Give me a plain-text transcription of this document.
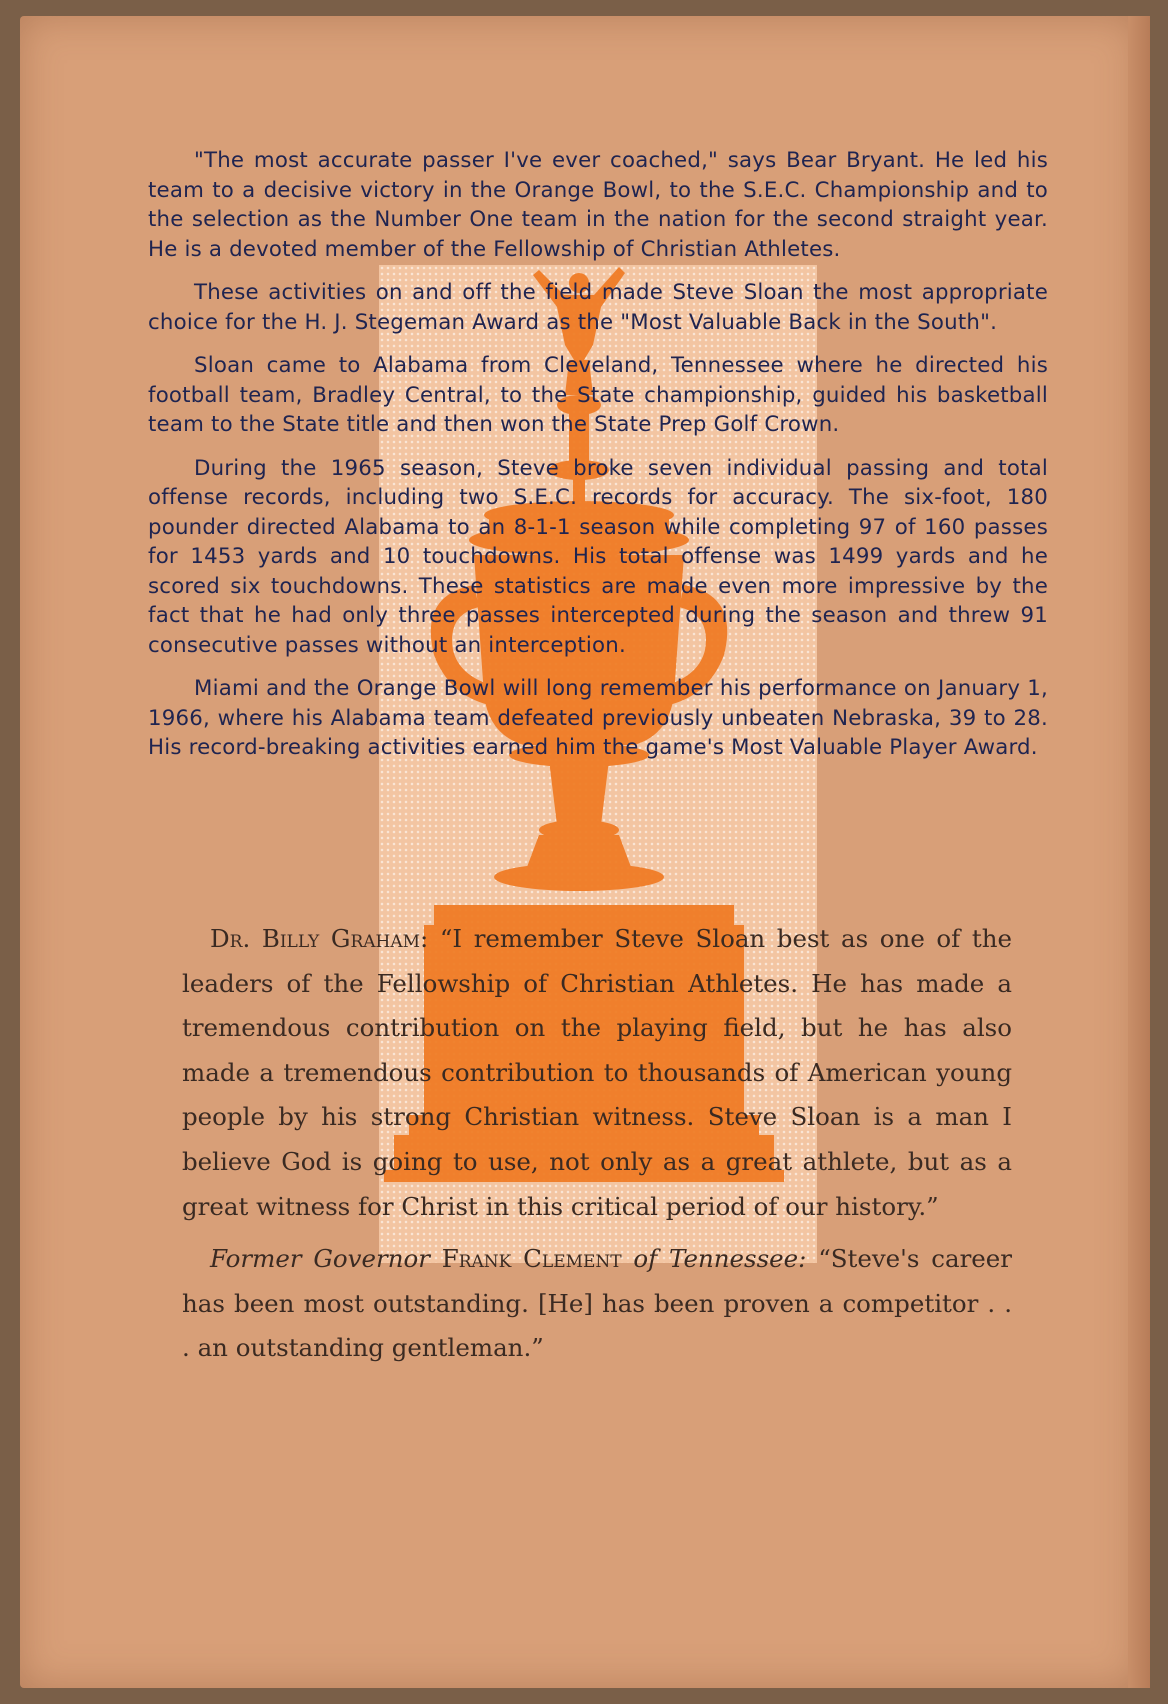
"The most accurate passer I've ever coached," says Bear Bryant. He led his team to a decisive victory in the Orange Bowl, to the S.E.C. Championship and to the selection as the Number One team in the nation for the second straight year. He is a devoted member of the Fellowship of Christian Athletes.

These activities on and off the field made Steve Sloan the most appropriate choice for the H. J. Stegeman Award as the "Most Valuable Back in the South".

Sloan came to Alabama from Cleveland, Tennessee where he directed his football team, Bradley Central, to the State championship, guided his basketball team to the State title and then won the State Prep Golf Crown.

During the 1965 season, Steve broke seven individual passing and total offense records, including two S.E.C. records for accuracy. The six-foot, 180 pounder directed Alabama to an 8-1-1 season while completing 97 of 160 passes for 1453 yards and 10 touchdowns. His total offense was 1499 yards and he scored six touchdowns. These statistics are made even more impressive by the fact that he had only three passes intercepted during the season and threw 91 consecutive passes without an interception.

Miami and the Orange Bowl will long remember his performance on January 1, 1966, where his Alabama team defeated previously unbeaten Nebraska, 39 to 28. His record-breaking activities earned him the game's Most Valuable Player Award.

Dr. Billy Graham: “I remember Steve Sloan best as one of the leaders of the Fellowship of Christian Athletes. He has made a tremendous contribution on the playing field, but he has also made a tremendous contribution to thousands of American young people by his strong Christian witness. Steve Sloan is a man I believe God is going to use, not only as a great athlete, but as a great witness for Christ in this critical period of our history.”

Former Governor Frank Clement of Tennessee: “Steve's career has been most outstanding. [He] has been proven a competitor . . . an outstanding gentleman.”
